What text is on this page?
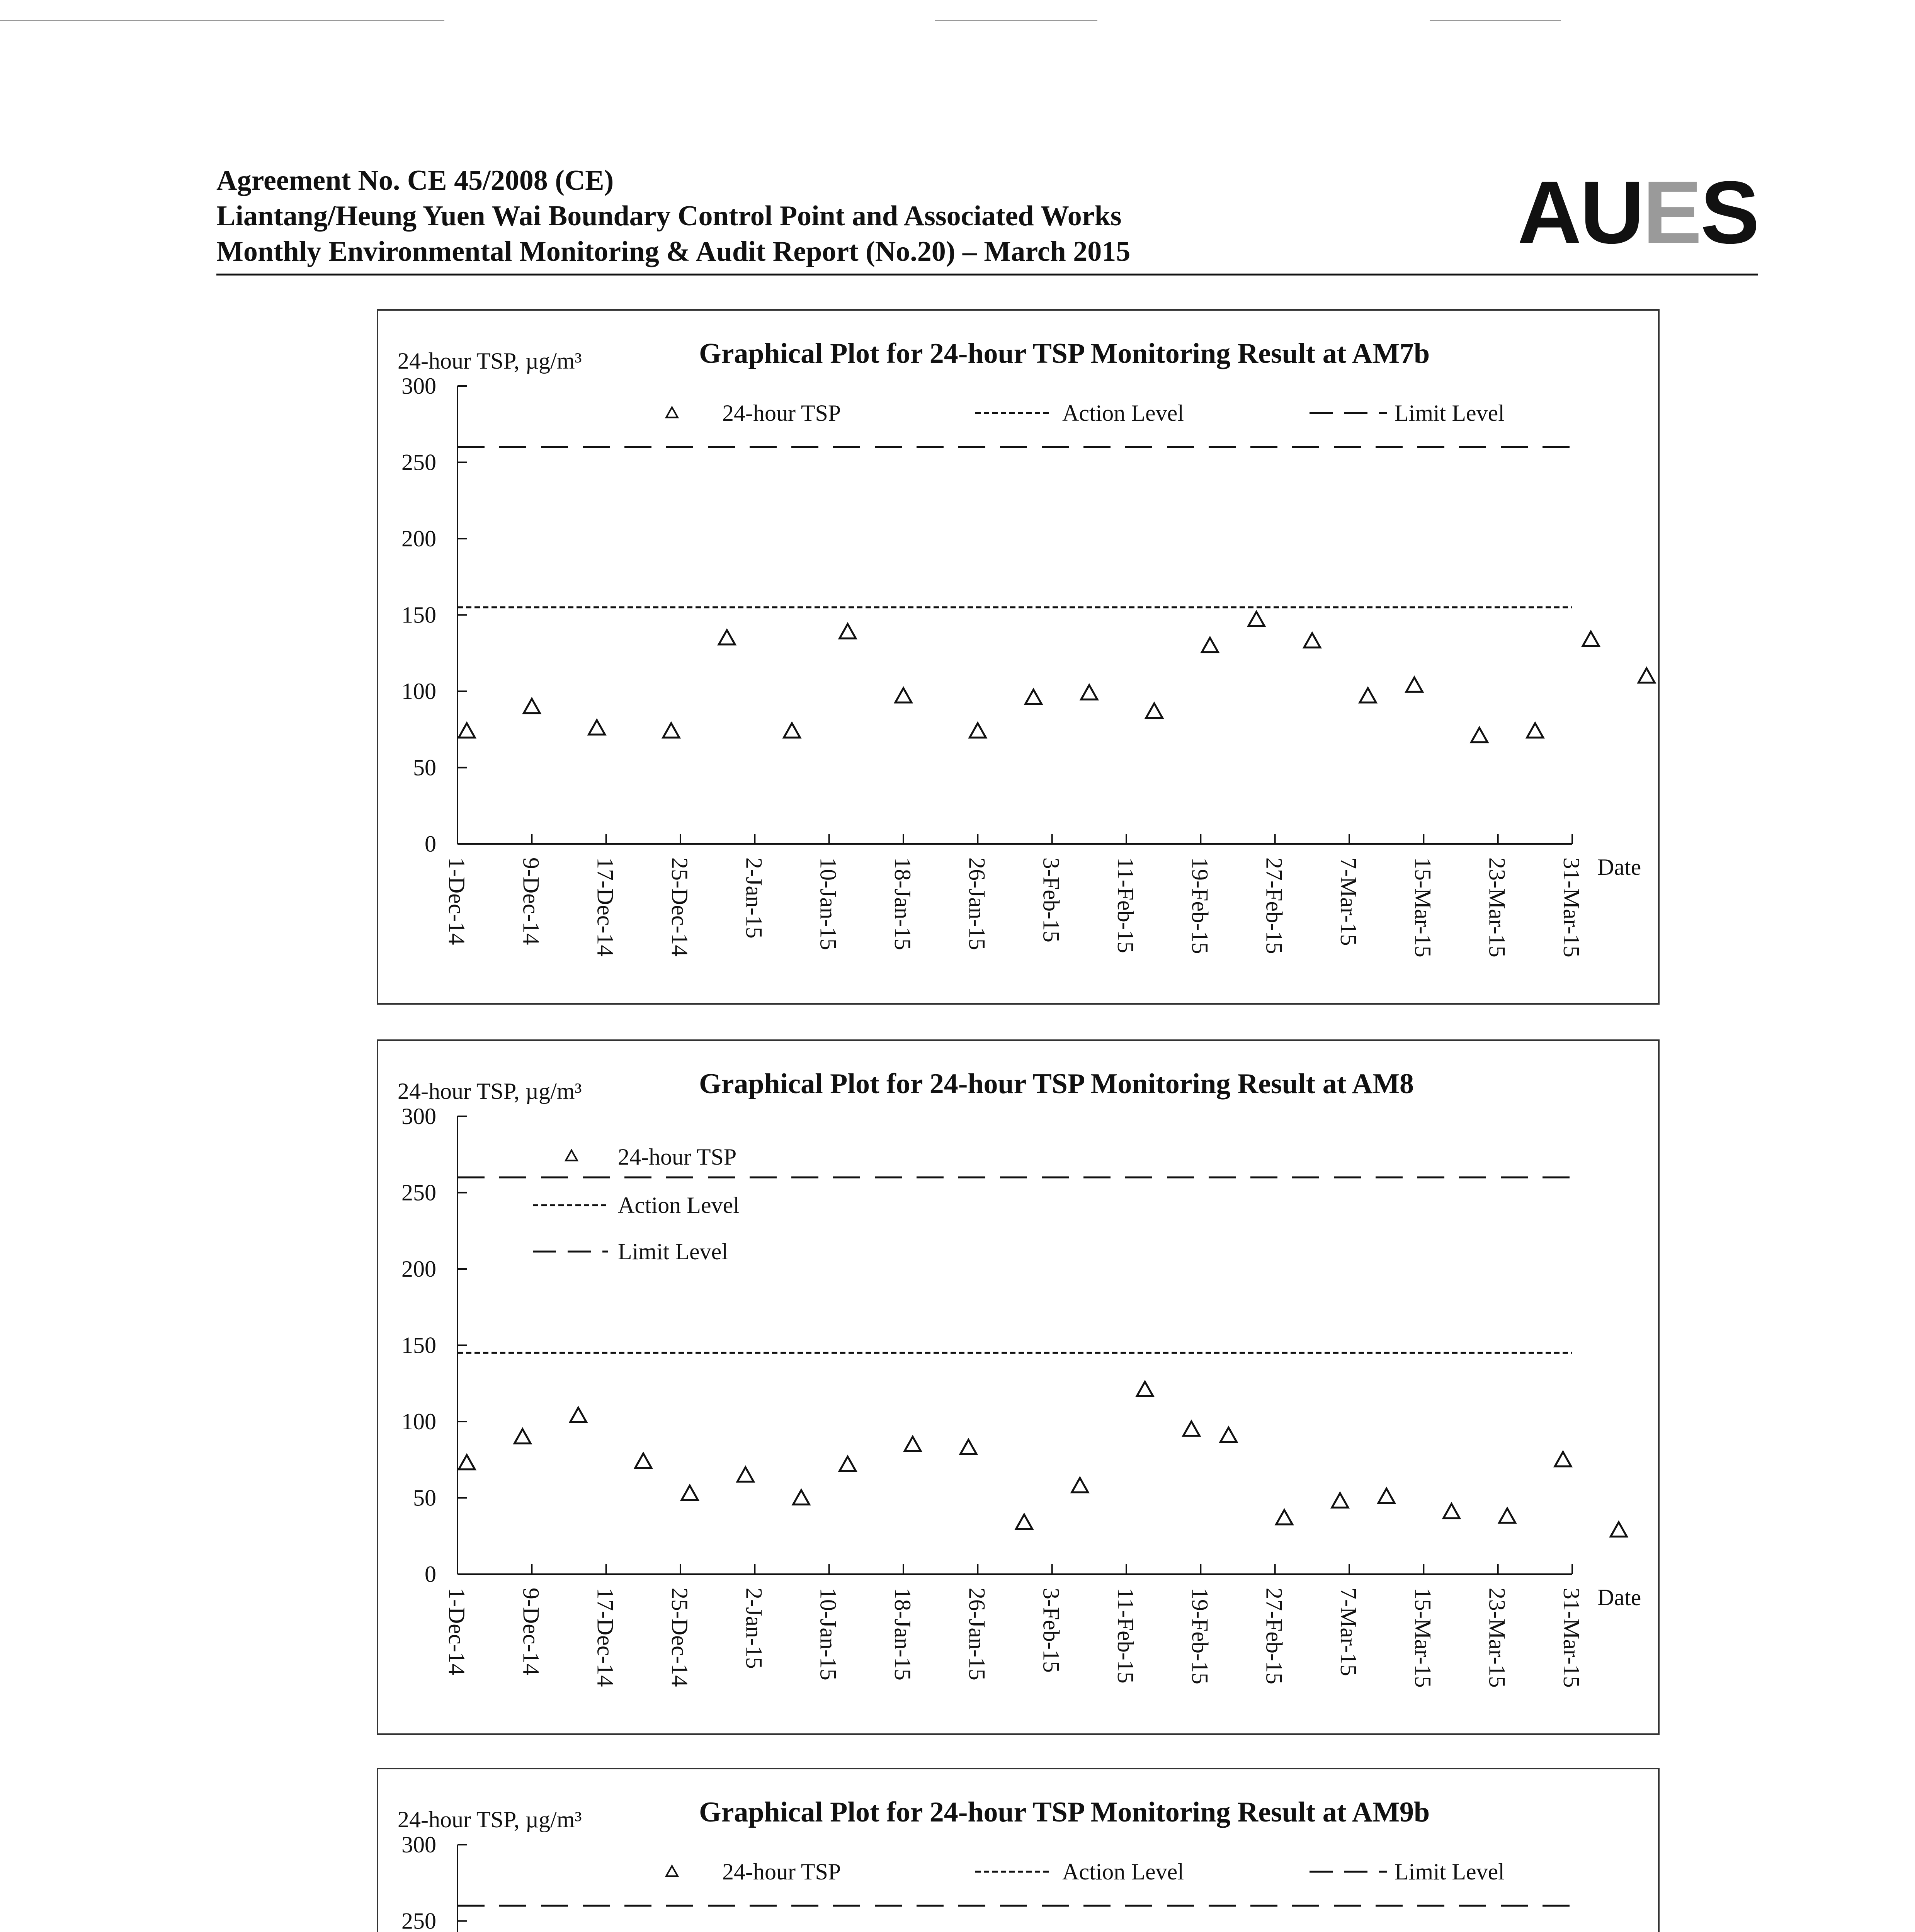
Agreement No. CE 45/2008 (CE)
Liantang/Heung Yuen Wai Boundary Control Point and Associated Works
Monthly Environmental Monitoring & Audit Report (No.20) – March 2015	AUES
Graphical Plot for 24-hour TSP Monitoring Result at AM7b
24-hour TSP, µg/m³
0
50
100
150
200
250
300
1-Dec-14 9-Dec-14 17-Dec-14 25-Dec-14 2-Jan-15 10-Jan-15 18-Jan-15 26-Jan-15 3-Feb-15 11-Feb-15 19-Feb-15 27-Feb-15 7-Mar-15 15-Mar-15 23-Mar-15 31-Mar-15 Date
24-hour TSP	Action Level	Limit Level
Graphical Plot for 24-hour TSP Monitoring Result at AM8
24-hour TSP, µg/m³
0
50
100
150
200
250
300
1-Dec-14 9-Dec-14 17-Dec-14 25-Dec-14 2-Jan-15 10-Jan-15 18-Jan-15 26-Jan-15 3-Feb-15 11-Feb-15 19-Feb-15 27-Feb-15 7-Mar-15 15-Mar-15 23-Mar-15 31-Mar-15 Date
24-hour TSP
Action Level
Limit Level
Graphical Plot for 24-hour TSP Monitoring Result at AM9b
24-hour TSP, µg/m³
250
300
24-hour TSP	Action Level	Limit Level
